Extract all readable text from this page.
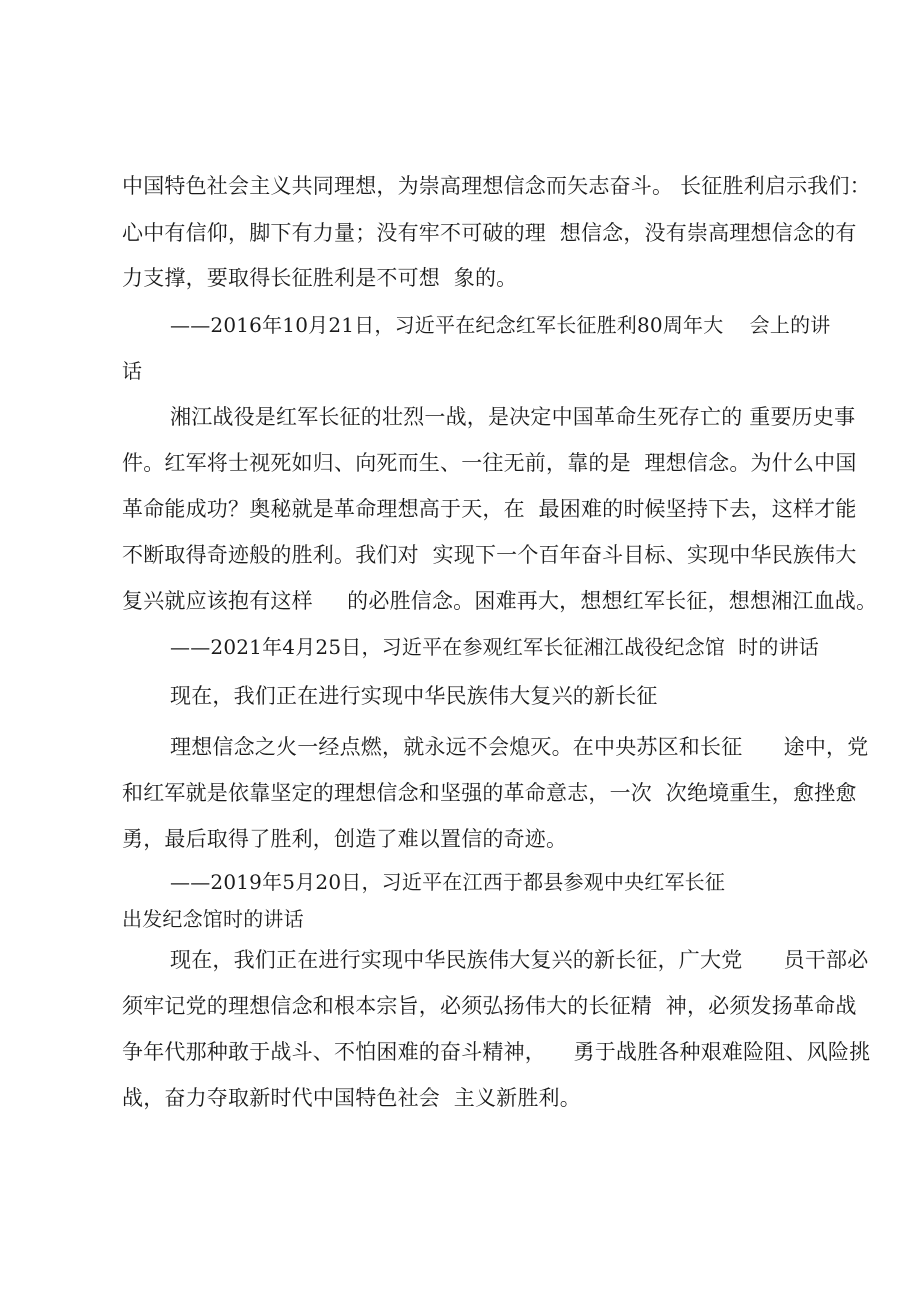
中国特色社会主义共同理想，为崇高理想信念而矢志奋斗。 长征胜利启示我们：
心中有信仰，脚下有力量；没有牢不可破的理  想信念，没有崇高理想信念的有
力支撑，要取得长征胜利是不可想  象的。
——2016年10月21日，习近平在纪念红军长征胜利80周年大    会上的讲
话
湘江战役是红军长征的壮烈一战，是决定中国革命生死存亡的 重要历史事
件。红军将士视死如归、向死而生、一往无前，靠的是  理想信念。为什么中国
革命能成功？奥秘就是革命理想高于天，在  最困难的时候坚持下去，这样才能
不断取得奇迹般的胜利。我们对  实现下一个百年奋斗目标、实现中华民族伟大
复兴就应该抱有这样     的必胜信念。困难再大，想想红军长征，想想湘江血战。
——2021年4月25日，习近平在参观红军长征湘江战役纪念馆  时的讲话
现在，我们正在进行实现中华民族伟大复兴的新长征
理想信念之火一经点燃，就永远不会熄灭。在中央苏区和长征      途中，党
和红军就是依靠坚定的理想信念和坚强的革命意志，一次  次绝境重生，愈挫愈
勇，最后取得了胜利，创造了难以置信的奇迹。
——2019年5月20日，习近平在江西于都县参观中央红军长征
出发纪念馆时的讲话
现在，我们正在进行实现中华民族伟大复兴的新长征，广大党      员干部必
须牢记党的理想信念和根本宗旨，必须弘扬伟大的长征精  神，必须发扬革命战
争年代那种敢于战斗、不怕困难的奋斗精神，    勇于战胜各种艰难险阻、风险挑
战，奋力夺取新时代中国特色社会  主义新胜利。
